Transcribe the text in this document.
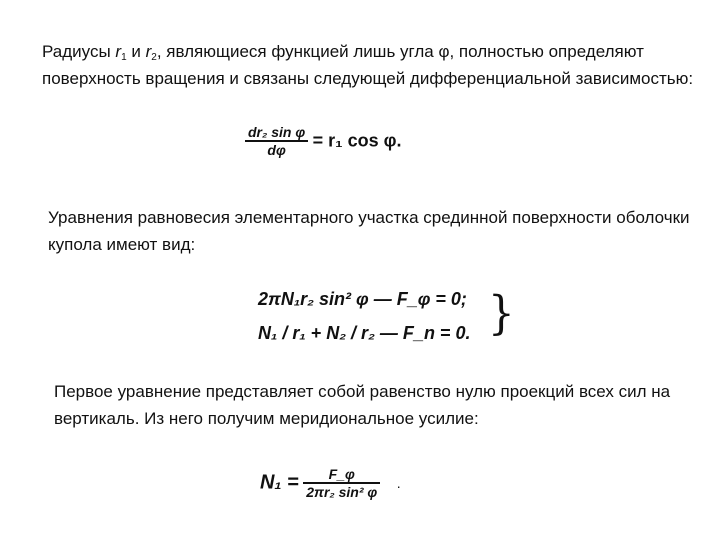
Радиусы $r_1$ и $r_2$, являющиеся функцией лишь угла φ, полностью определяют поверхность вращения и связаны следующей дифференциальной зависимостью:
$\frac{\text{dr₂ sin φ}}{d\varphi} = r_1$ cos φ.
Уравнения равновесия элементарного участка срединной поверхности оболочки купола имеют вид:
2πN₁r₂ sin² φ — F_φ = 0;
N₁ / r₁ + N₂ / r₂ — F_n = 0. }
Первое уравнение представляет собой равенство нулю проекций всех сил на вертикаль. Из него получим меридиональное усилие:
$N_1 = \frac{F\_\varphi}{\text{2πr₂ sin² φ}}$ .
